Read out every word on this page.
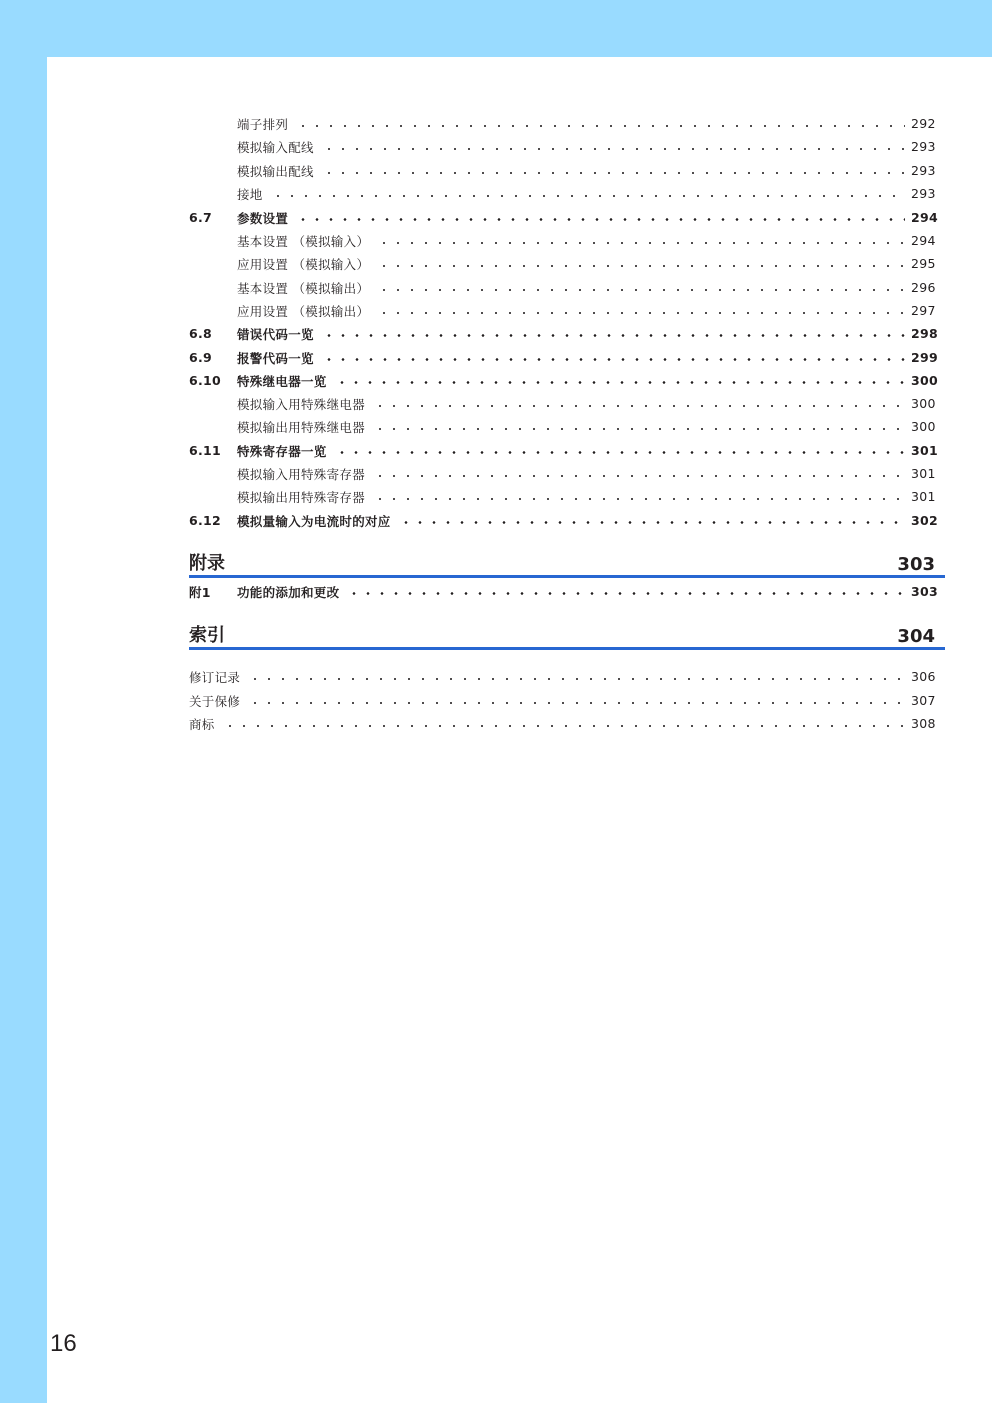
端子排列	292
模拟输入配线	293
模拟输出配线	293
接地	293
6.7	参数设置	294
基本设置 （模拟输入）	294
应用设置 （模拟输入）	295
基本设置 （模拟输出）	296
应用设置 （模拟输出）	297
6.8	错误代码一览	298
6.9	报警代码一览	299
6.10	特殊继电器一览	300
模拟输入用特殊继电器	300
模拟输出用特殊继电器	300
6.11	特殊寄存器一览	301
模拟输入用特殊寄存器	301
模拟输出用特殊寄存器	301
6.12	模拟量输入为电流时的对应	302
附录	303
附1	功能的添加和更改	303
索引	304
修订记录	306
关于保修	307
商标	308
16
